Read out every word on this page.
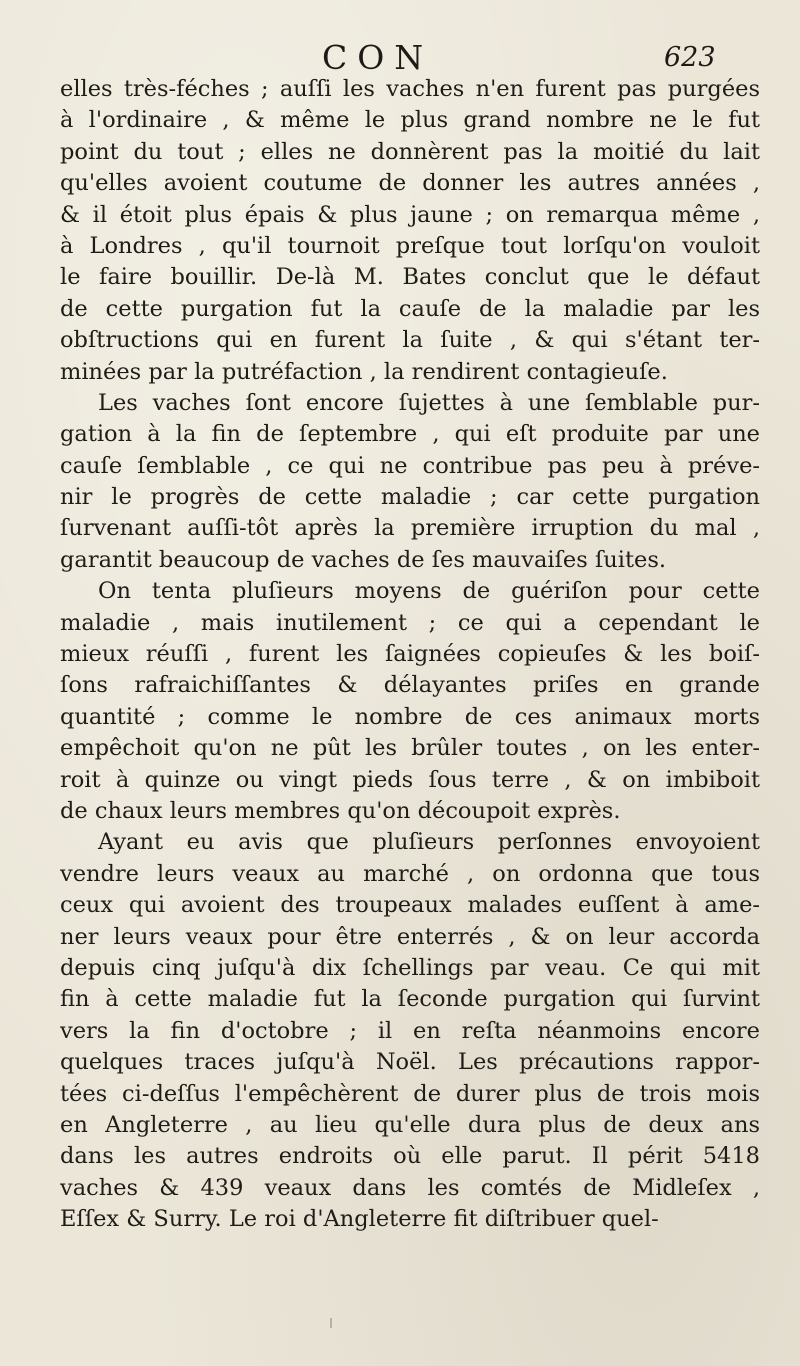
CON	623
elles très-féches ; auſſi les vaches n'en furent pas purgées
à l'ordinaire , & même le plus grand nombre ne le fut
point du tout ; elles ne donnèrent pas la moitié du lait
qu'elles avoient coutume de donner les autres années ,
& il étoit plus épais & plus jaune ; on remarqua même ,
à Londres , qu'il tournoit preſque tout lorſqu'on vouloit
le faire bouillir. De-là M. Bates conclut que le défaut
de cette purgation fut la cauſe de la maladie par les
obſtructions qui en furent la ſuite , & qui s'étant ter-
minées par la putréfaction , la rendirent contagieuſe.
Les vaches ſont encore ſujettes à une ſemblable pur-
gation à la fin de ſeptembre , qui eſt produite par une
cauſe ſemblable , ce qui ne contribue pas peu à préve-
nir le progrès de cette maladie ; car cette purgation
ſurvenant auſſi-tôt après la première irruption du mal ,
garantit beaucoup de vaches de ſes mauvaiſes ſuites.
On tenta pluſieurs moyens de guériſon pour cette
maladie , mais inutilement ; ce qui a cependant le
mieux réuſſi , furent les ſaignées copieuſes & les boiſ-
ſons rafraichiſſantes & délayantes priſes en grande
quantité ; comme le nombre de ces animaux morts
empêchoit qu'on ne pût les brûler toutes , on les enter-
roit à quinze ou vingt pieds ſous terre , & on imbiboit
de chaux leurs membres qu'on découpoit exprès.
Ayant eu avis que pluſieurs perſonnes envoyoient
vendre leurs veaux au marché , on ordonna que tous
ceux qui avoient des troupeaux malades euſſent à ame-
ner leurs veaux pour être enterrés , & on leur accorda
depuis cinq juſqu'à dix ſchellings par veau. Ce qui mit
fin à cette maladie fut la ſeconde purgation qui ſurvint
vers la fin d'octobre ; il en reſta néanmoins encore
quelques traces juſqu'à Noël. Les précautions rappor-
tées ci-deſſus l'empêchèrent de durer plus de trois mois
en Angleterre , au lieu qu'elle dura plus de deux ans
dans les autres endroits où elle parut. Il périt 5418
vaches & 439 veaux dans les comtés de Midleſex ,
Eſſex & Surry. Le roi d'Angleterre fit diſtribuer quel-
